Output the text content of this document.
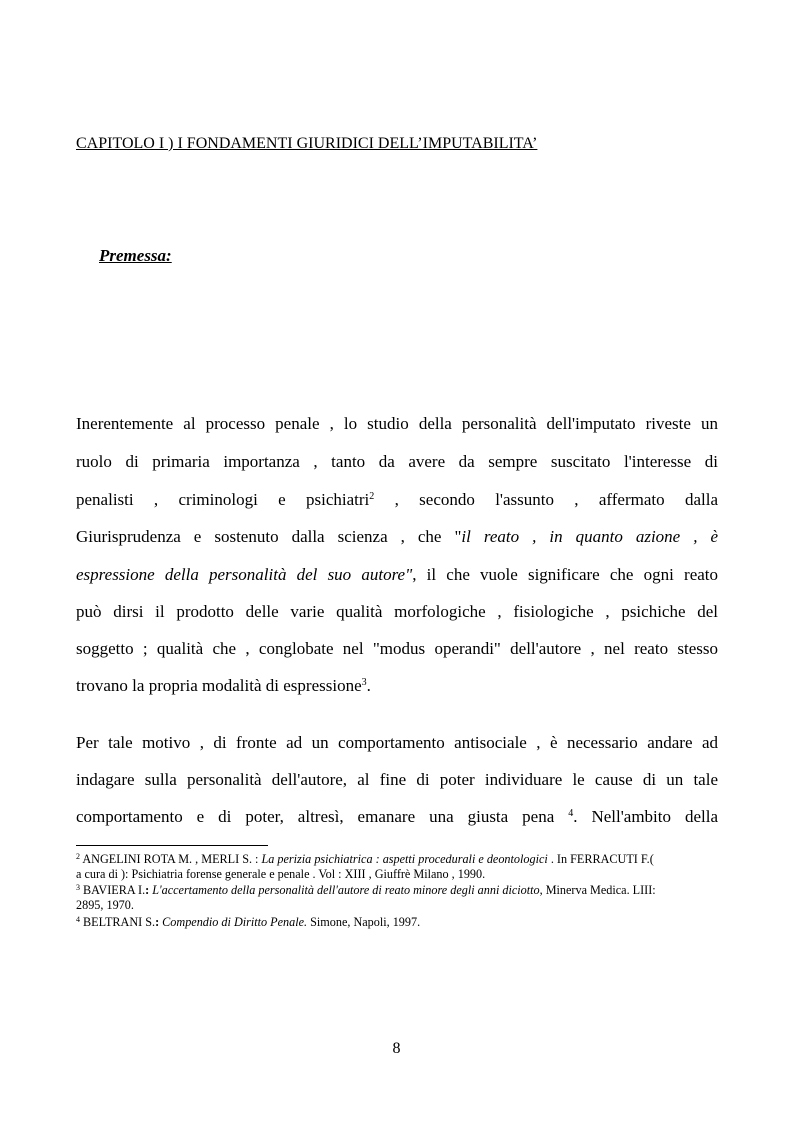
CAPITOLO I ) I FONDAMENTI GIURIDICI DELL’IMPUTABILITA’
Premessa:
Inerentemente al processo penale , lo studio della personalità dell'imputato riveste un
ruolo di primaria importanza , tanto da avere da sempre suscitato l'interesse di
penalisti , criminologi e psichiatri$^2$ , secondo l'assunto , affermato dalla
Giurisprudenza e sostenuto dalla scienza , che "il reato , in quanto azione , è
espressione della personalità del suo autore", il che vuole significare che ogni reato
può dirsi il prodotto delle varie qualità morfologiche , fisiologiche , psichiche del
soggetto ; qualità che , conglobate nel "modus operandi" dell'autore , nel reato stesso
trovano la propria modalità di espressione$^3$.
Per tale motivo , di fronte ad un comportamento antisociale , è necessario andare ad
indagare sulla personalità dell'autore, al fine di poter individuare le cause di un tale
comportamento e di poter, altresì, emanare una giusta pena $^4$. Nell'ambito della
$^2$ ANGELINI ROTA M. , MERLI S. : La perizia psichiatrica : aspetti procedurali e deontologici . In FERRACUTI F.(
a cura di ): Psichiatria forense generale e penale . Vol : XIII , Giuffrè Milano , 1990.
$^3$ BAVIERA I.: L'accertamento della personalità dell'autore di reato minore degli anni diciotto, Minerva Medica. LIII:
2895, 1970.
$^4$ BELTRANI S.: Compendio di Diritto Penale. Simone, Napoli, 1997.
8
